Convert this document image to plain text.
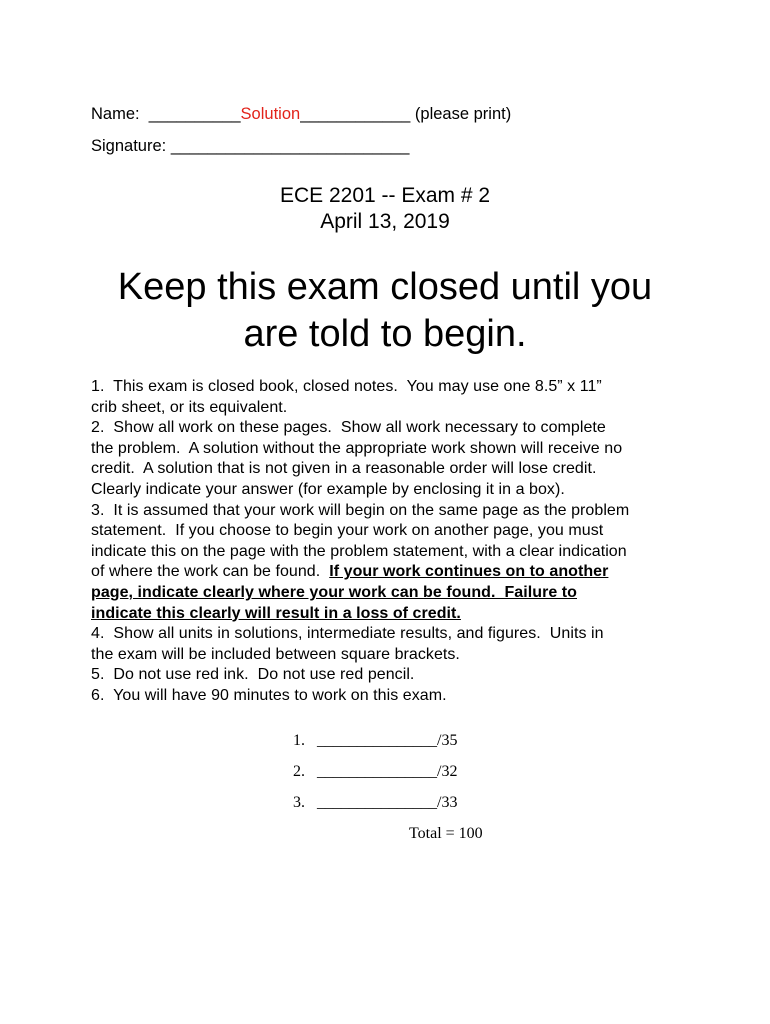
Name: __________Solution____________ (please print)
Signature: __________________________
ECE 2201 -- Exam # 2
April 13, 2019
Keep this exam closed until you
are told to begin.
1.  This exam is closed book, closed notes.  You may use one 8.5” x 11”
crib sheet, or its equivalent.
2.  Show all work on these pages.  Show all work necessary to complete
the problem.  A solution without the appropriate work shown will receive no
credit.  A solution that is not given in a reasonable order will lose credit.
Clearly indicate your answer (for example by enclosing it in a box).
3.  It is assumed that your work will begin on the same page as the problem
statement.  If you choose to begin your work on another page, you must
indicate this on the page with the problem statement, with a clear indication
of where the work can be found.  If your work continues on to another
page, indicate clearly where your work can be found.  Failure to
indicate this clearly will result in a loss of credit.
4.  Show all units in solutions, intermediate results, and figures.  Units in
the exam will be included between square brackets.
5.  Do not use red ink.  Do not use red pencil.
6.  You will have 90 minutes to work on this exam.
1.   _______________/35
2.   _______________/32
3.   _______________/33
Total = 100
